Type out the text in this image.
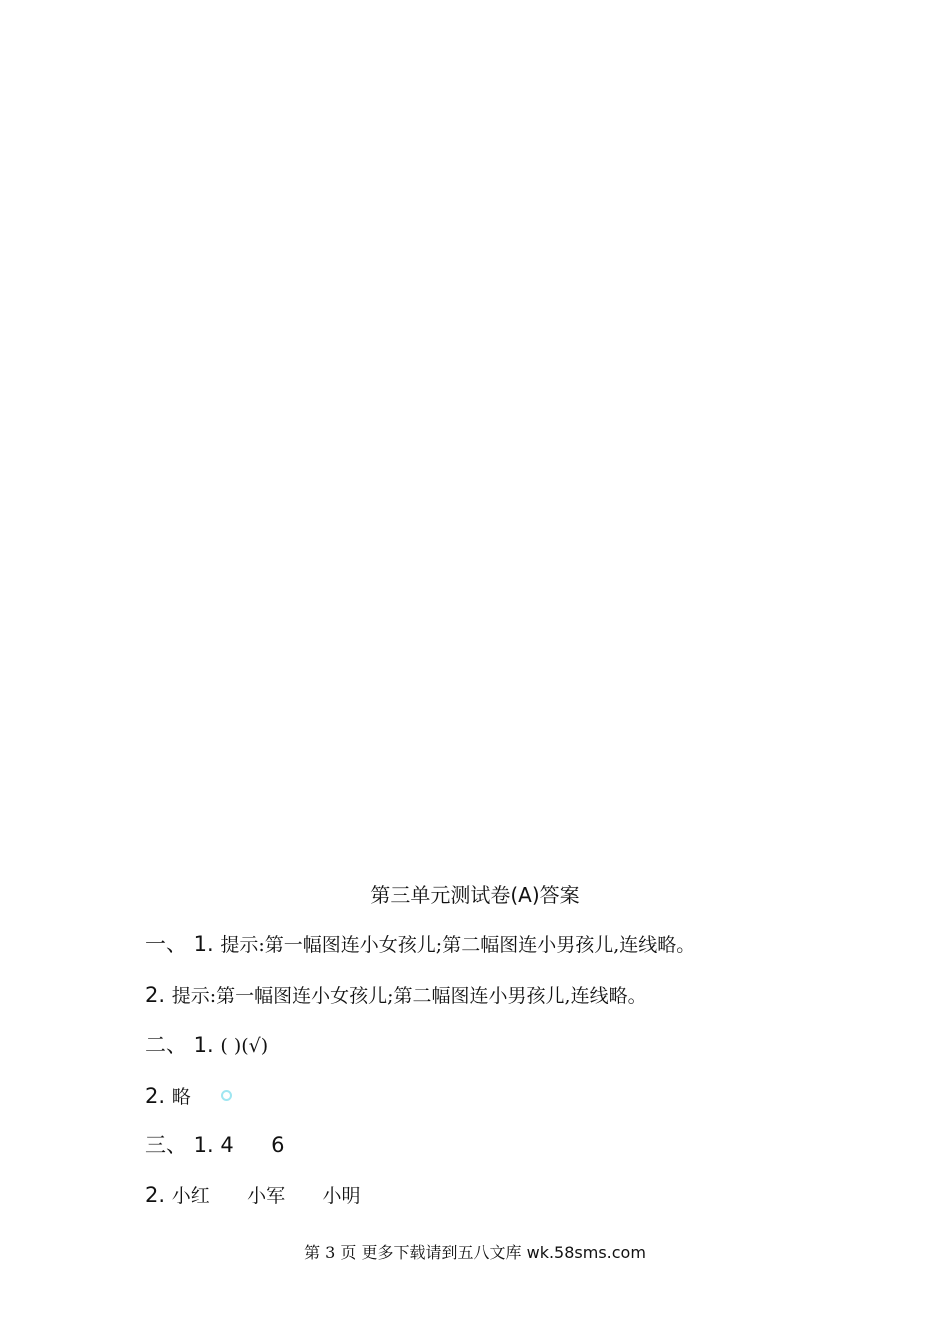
第三单元测试卷(A)答案
一、 1. 提示:第一幅图连小女孩儿;第二幅图连小男孩儿,连线略。
2. 提示:第一幅图连小女孩儿;第二幅图连小男孩儿,连线略。
二、 1. ( )(√)
2. 略
三、 1. 4 6
2. 小红 小军 小明
第 3 页 更多下载请到五八文库 wk.58sms.com
